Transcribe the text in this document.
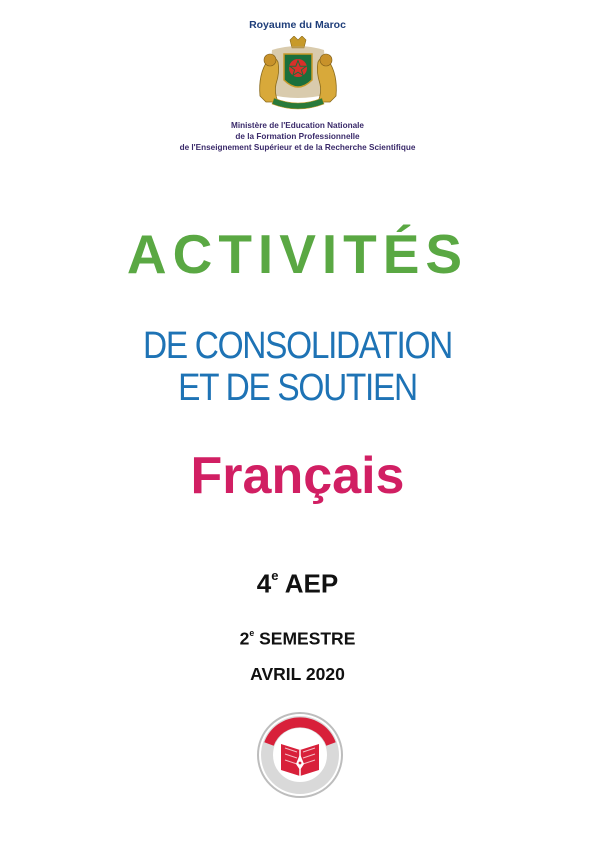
Royaume du Maroc
Ministère de l'Education Nationale
de la Formation Professionnelle
de l'Enseignement Supérieur et de la Recherche Scientifique
ACTIVITÉS
DE CONSOLIDATION
ET DE SOUTIEN
Français
4e AEP
2e SEMESTRE
AVRIL 2020
